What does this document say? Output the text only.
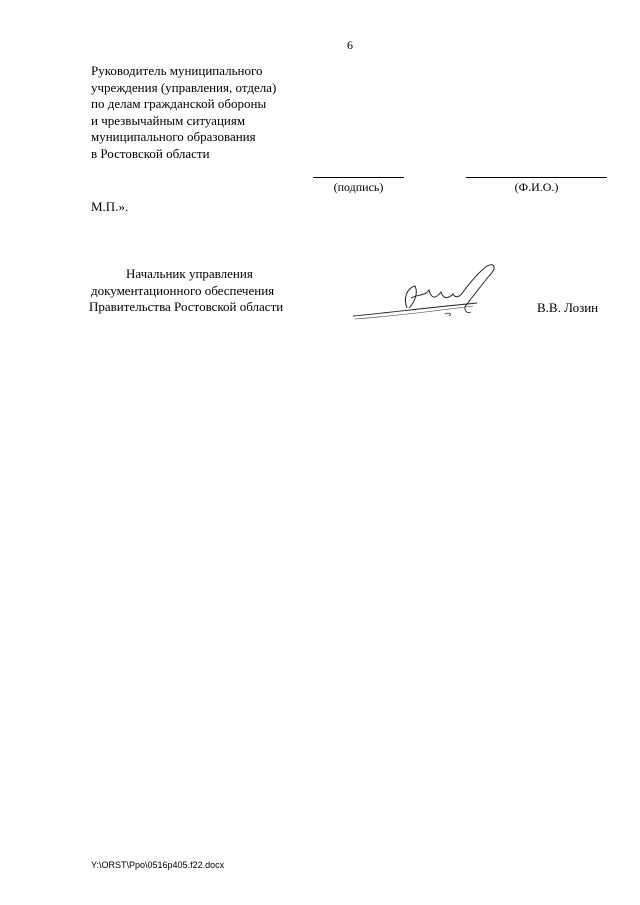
6
Руководитель муниципального
учреждения (управления, отдела)
по делам гражданской обороны
и чрезвычайным ситуациям
муниципального образования
в Ростовской области
(подпись)	(Ф.И.О.)
М.П.».
Начальник управления
документационного обеспечения
Правительства Ростовской области	В.В. Лозин
Y:\ORST\Ppo\0516p405.f22.docx
